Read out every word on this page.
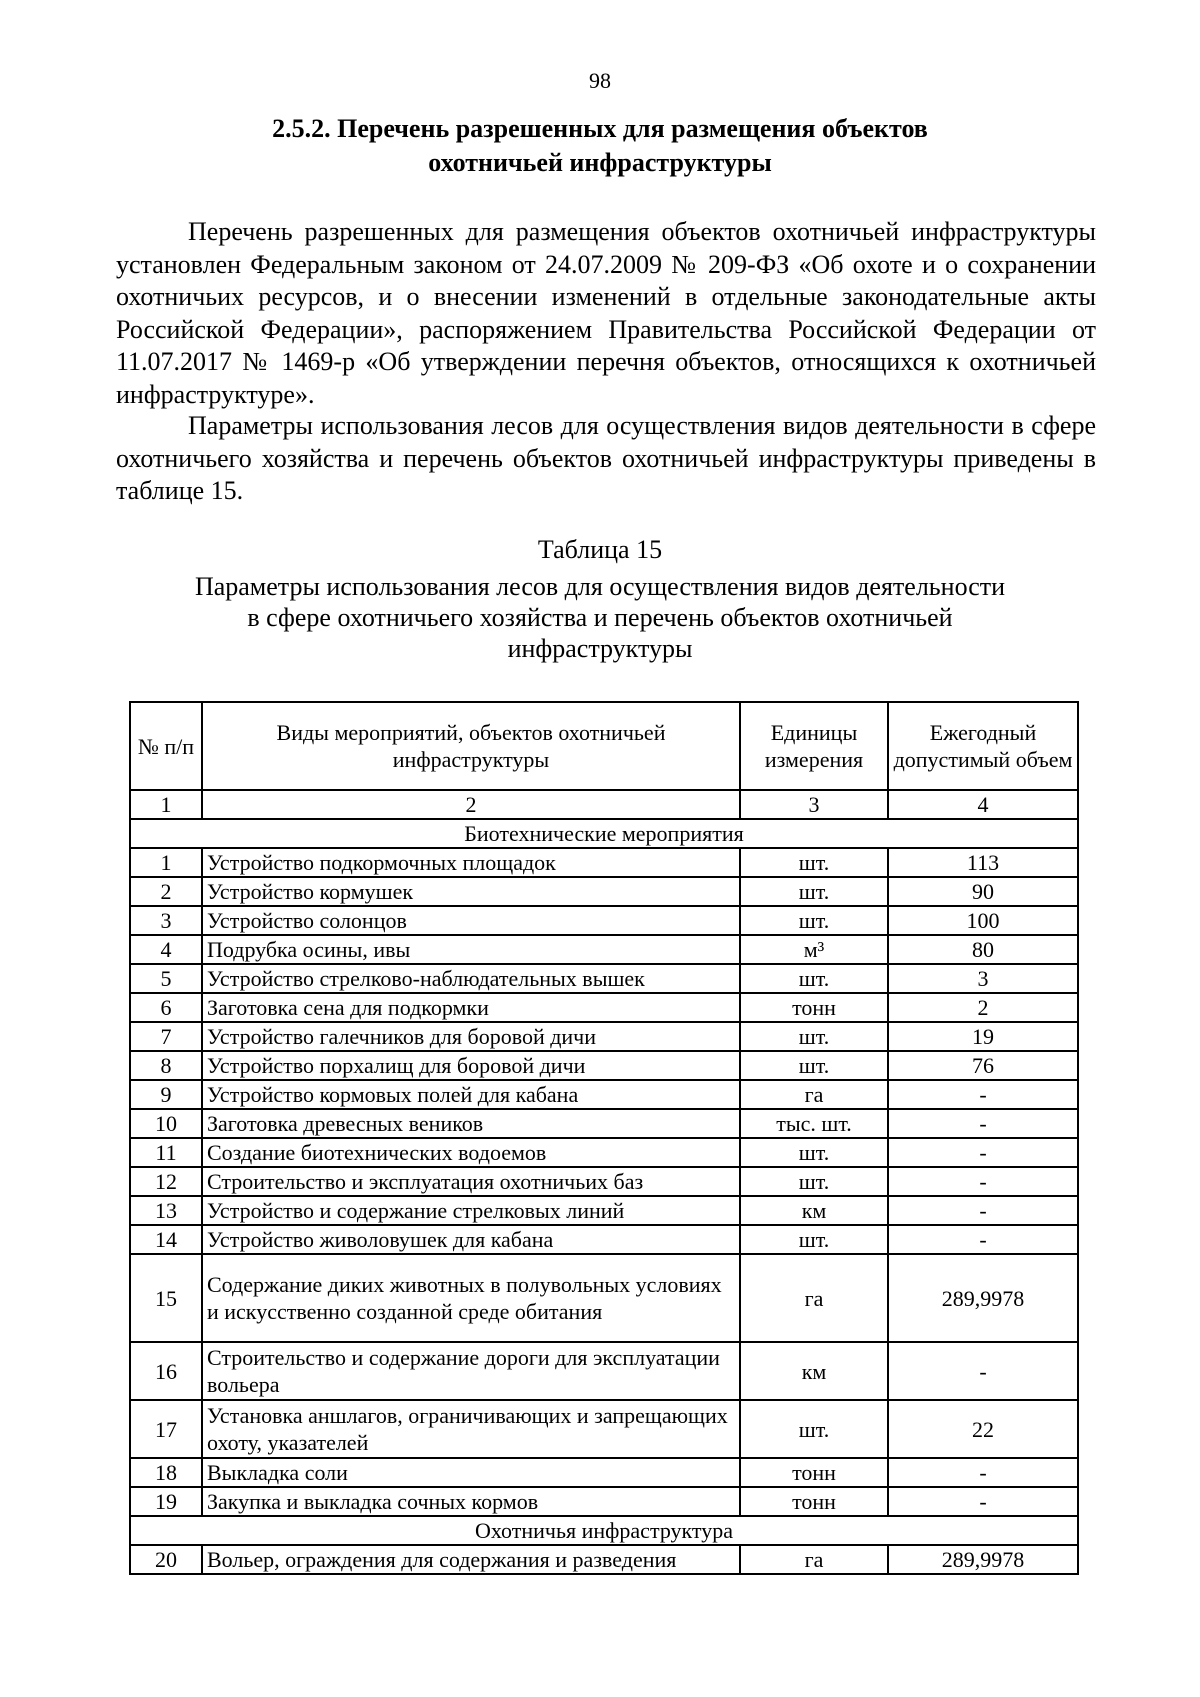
98
2.5.2. Перечень разрешенных для размещения объектов
охотничьей инфраструктуры

Перечень разрешенных для размещения объектов охотничьей инфраструктуры установлен Федеральным законом от 24.07.2009 № 209-ФЗ «Об охоте и о сохранении охотничьих ресурсов, и о внесении изменений в отдельные законодательные акты Российской Федерации», распоряжением Правительства Российской Федерации от 11.07.2017 № 1469-р «Об утверждении перечня объектов, относящихся к охотничьей инфраструктуре».

Параметры использования лесов для осуществления видов деятельности в сфере охотничьего хозяйства и перечень объектов охотничьей инфраструктуры приведены в таблице 15.

Таблица 15
Параметры использования лесов для осуществления видов деятельности
в сфере охотничьего хозяйства и перечень объектов охотничьей
инфраструктуры
№ п/п	Виды мероприятий, объектов охотничьей инфраструктуры	Единицы измерения	Ежегодный допустимый объем
1	2	3	4
Биотехнические мероприятия			
1	Устройство подкормочных площадок	шт.	113
2	Устройство кормушек	шт.	90
3	Устройство солонцов	шт.	100
4	Подрубка осины, ивы	м³	80
5	Устройство стрелково-наблюдательных вышек	шт.	3
6	Заготовка сена для подкормки	тонн	2
7	Устройство галечников для боровой дичи	шт.	19
8	Устройство порхалищ для боровой дичи	шт.	76
9	Устройство кормовых полей для кабана	га	-
10	Заготовка древесных веников	тыс. шт.	-
11	Создание биотехнических водоемов	шт.	-
12	Строительство и эксплуатация охотничьих баз	шт.	-
13	Устройство и содержание стрелковых линий	км	-
14	Устройство живоловушек для кабана	шт.	-
15	Содержание диких животных в полувольных условиях и искусственно созданной среде обитания	га	289,9978
16	Строительство и содержание дороги для эксплуатации вольера	км	-
17	Установка аншлагов, ограничивающих и запрещающих охоту, указателей	шт.	22
18	Выкладка соли	тонн	-
19	Закупка и выкладка сочных кормов	тонн	-
Охотничья инфраструктура			
20	Вольер, ограждения для содержания и разведения	га	289,9978
